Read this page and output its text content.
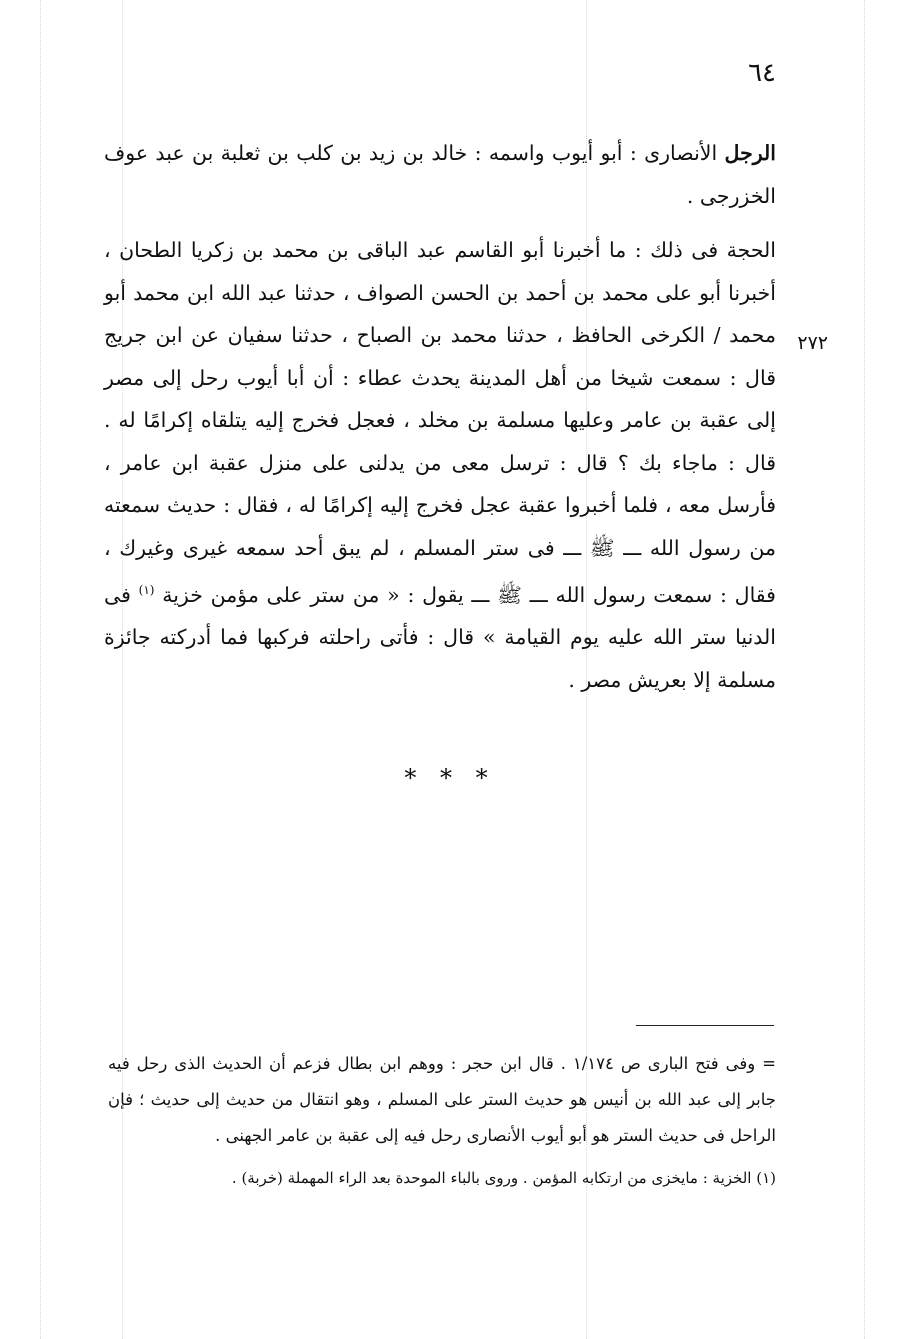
٦٤

الرجل الأنصارى : أبو أيوب واسمه : خالد بن زيد بن كلب بن ثعلبة بن عبد عوف الخزرجى .

الحجة فى ذلك : ما أخبرنا أبو القاسم عبد الباقى بن محمد بن زكريا الطحان ، أخبرنا أبو على محمد بن أحمد بن الحسن الصواف ، حدثنا عبد الله ابن محمد أبو محمد / الكرخى الحافظ ، حدثنا محمد بن الصباح ، حدثنا سفيان عن ابن جريج قال : سمعت شيخا من أهل المدينة يحدث عطاء : أن أبا أيوب رحل إلى مصر إلى عقبة بن عامر وعليها مسلمة بن مخلد ، فعجل فخرج إليه يتلقاه إكرامًا له . قال : ماجاء بك ؟ قال : ترسل معى من يدلنى على منزل عقبة ابن عامر ، فأرسل معه ، فلما أخبروا عقبة عجل فخرج إليه إكرامًا له ، فقال : حديث سمعته من رسول الله ـــ ﷺ ـــ فى ستر المسلم ، لم يبق أحد سمعه غيرى وغيرك ، فقال : سمعت رسول الله ـــ ﷺ ـــ يقول : « من ستر على مؤمن خزية $^{(١)}$ فى الدنيا ستر الله عليه يوم القيامة » قال : فأتى راحلته فركبها فما أدركته جائزة مسلمة إلا بعريش مصر .

٢٧٢
* * *

= وفى فتح البارى ص ١/١٧٤ . قال ابن حجر : ووهم ابن بطال فزعم أن الحديث الذى رحل فيه جابر إلى عبد الله بن أنيس هو حديث الستر على المسلم ، وهو انتقال من حديث إلى حديث ؛ فإن الراحل فى حديث الستر هو أبو أيوب الأنصارى رحل فيه إلى عقبة بن عامر الجهنى .

(١) الخزية : مايخزى من ارتكابه المؤمن . وروى بالباء الموحدة بعد الراء المهملة (خربة) .
